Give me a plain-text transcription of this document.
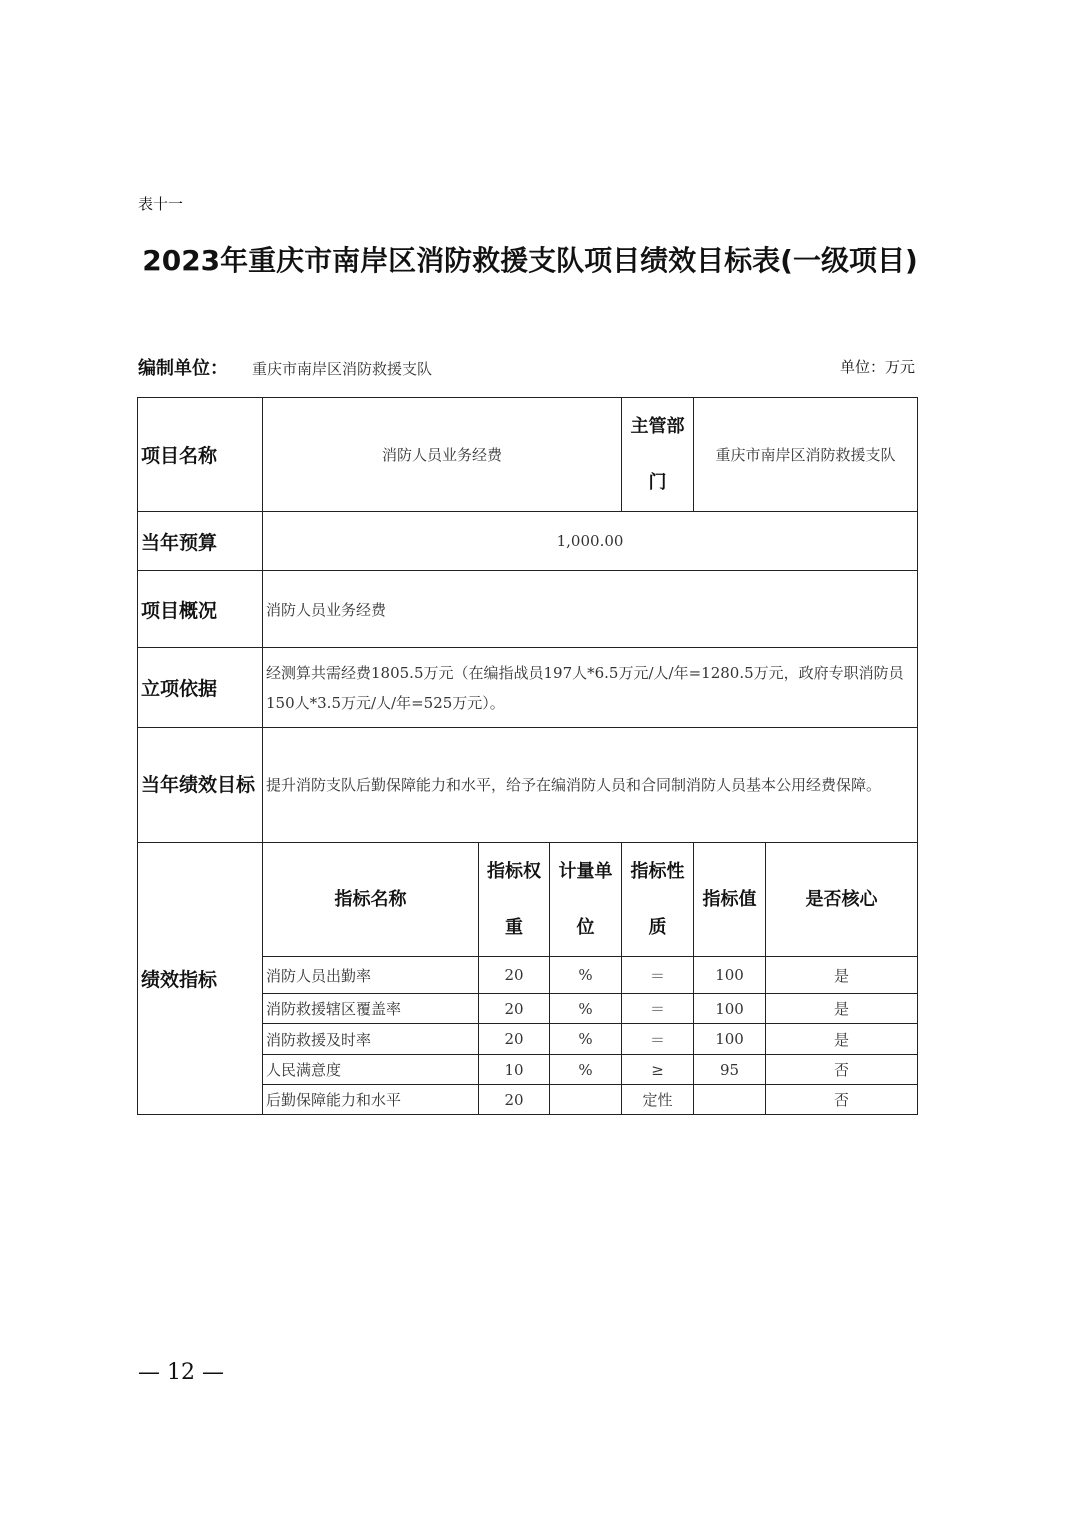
表十一
2023年重庆市南岸区消防救援支队项目绩效目标表(一级项目)
编制单位： 重庆市南岸区消防救援支队	单位：万元
项目名称	消防人员业务经费			主管部门	重庆市南岸区消防救援支队	
当年预算	1,000.00					
项目概况	消防人员业务经费					
立项依据	经测算共需经费1805.5万元（在编指战员197人*6.5万元/人/年=1280.5万元，政府专职消防员150人*3.5万元/人/年=525万元）。					
当年绩效目标	提升消防支队后勤保障能力和水平，给予在编消防人员和合同制消防人员基本公用经费保障。					
绩效指标	指标名称	指标权重	计量单位	指标性质	指标值	是否核心
	消防人员出勤率	20	%	＝	100	是
	消防救援辖区覆盖率	20	%	＝	100	是
	消防救援及时率	20	%	＝	100	是
	人民满意度	10	%	≥	95	否
	后勤保障能力和水平	20		定性		否
— 12 —
